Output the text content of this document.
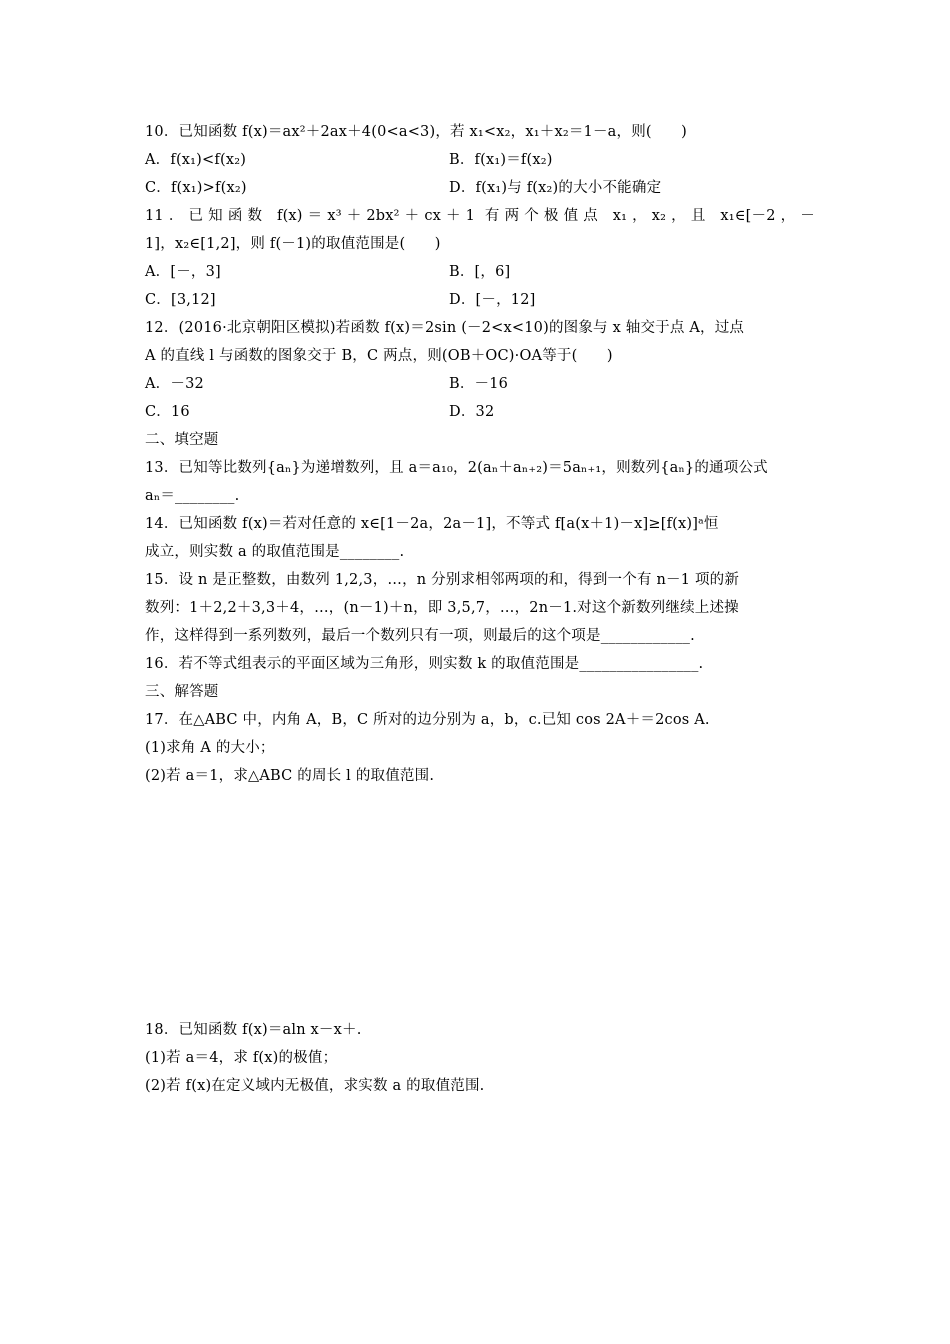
10．已知函数 f(x)＝ax²＋2ax＋4(0<a<3)，若 x₁<x₂，x₁＋x₂＝1－a，则(　　)
A．f(x₁)<f(x₂)	B．f(x₁)＝f(x₂)
C．f(x₁)>f(x₂)	D．f(x₁)与 f(x₂)的大小不能确定
11．已知函数 f(x)＝x³＋2bx²＋cx＋1 有两个极值点 x₁，x₂，且 x₁∈[－2，－
1]，x₂∈[1,2]，则 f(－1)的取值范围是(　　)
A．[－，3]	B．[，6]
C．[3,12]	D．[－，12]
12．(2016·北京朝阳区模拟)若函数 f(x)＝2sin (－2<x<10)的图象与 x 轴交于点 A，过点
A 的直线 l 与函数的图象交于 B，C 两点，则(OB＋OC)·OA等于(　　)
A．－32	B．－16
C．16	D．32
二、填空题
13．已知等比数列{aₙ}为递增数列，且 a＝a₁₀，2(aₙ＋aₙ₊₂)＝5aₙ₊₁，则数列{aₙ}的通项公式
aₙ＝________.
14．已知函数 f(x)＝若对任意的 x∈[1－2a，2a－1]，不等式 f[a(x＋1)－x]≥[f(x)]ᵃ恒
成立，则实数 a 的取值范围是________.
15．设 n 是正整数，由数列 1,2,3，…，n 分别求相邻两项的和，得到一个有 n－1 项的新
数列：1＋2,2＋3,3＋4，…，(n－1)＋n，即 3,5,7，…，2n－1.对这个新数列继续上述操
作，这样得到一系列数列，最后一个数列只有一项，则最后的这个项是____________.
16．若不等式组表示的平面区域为三角形，则实数 k 的取值范围是________________.
三、解答题
17．在△ABC 中，内角 A，B，C 所对的边分别为 a，b，c.已知 cos 2A＋＝2cos A.
(1)求角 A 的大小；
(2)若 a＝1，求△ABC 的周长 l 的取值范围.
18．已知函数 f(x)＝aln x－x＋.
(1)若 a＝4，求 f(x)的极值；
(2)若 f(x)在定义域内无极值，求实数 a 的取值范围.
